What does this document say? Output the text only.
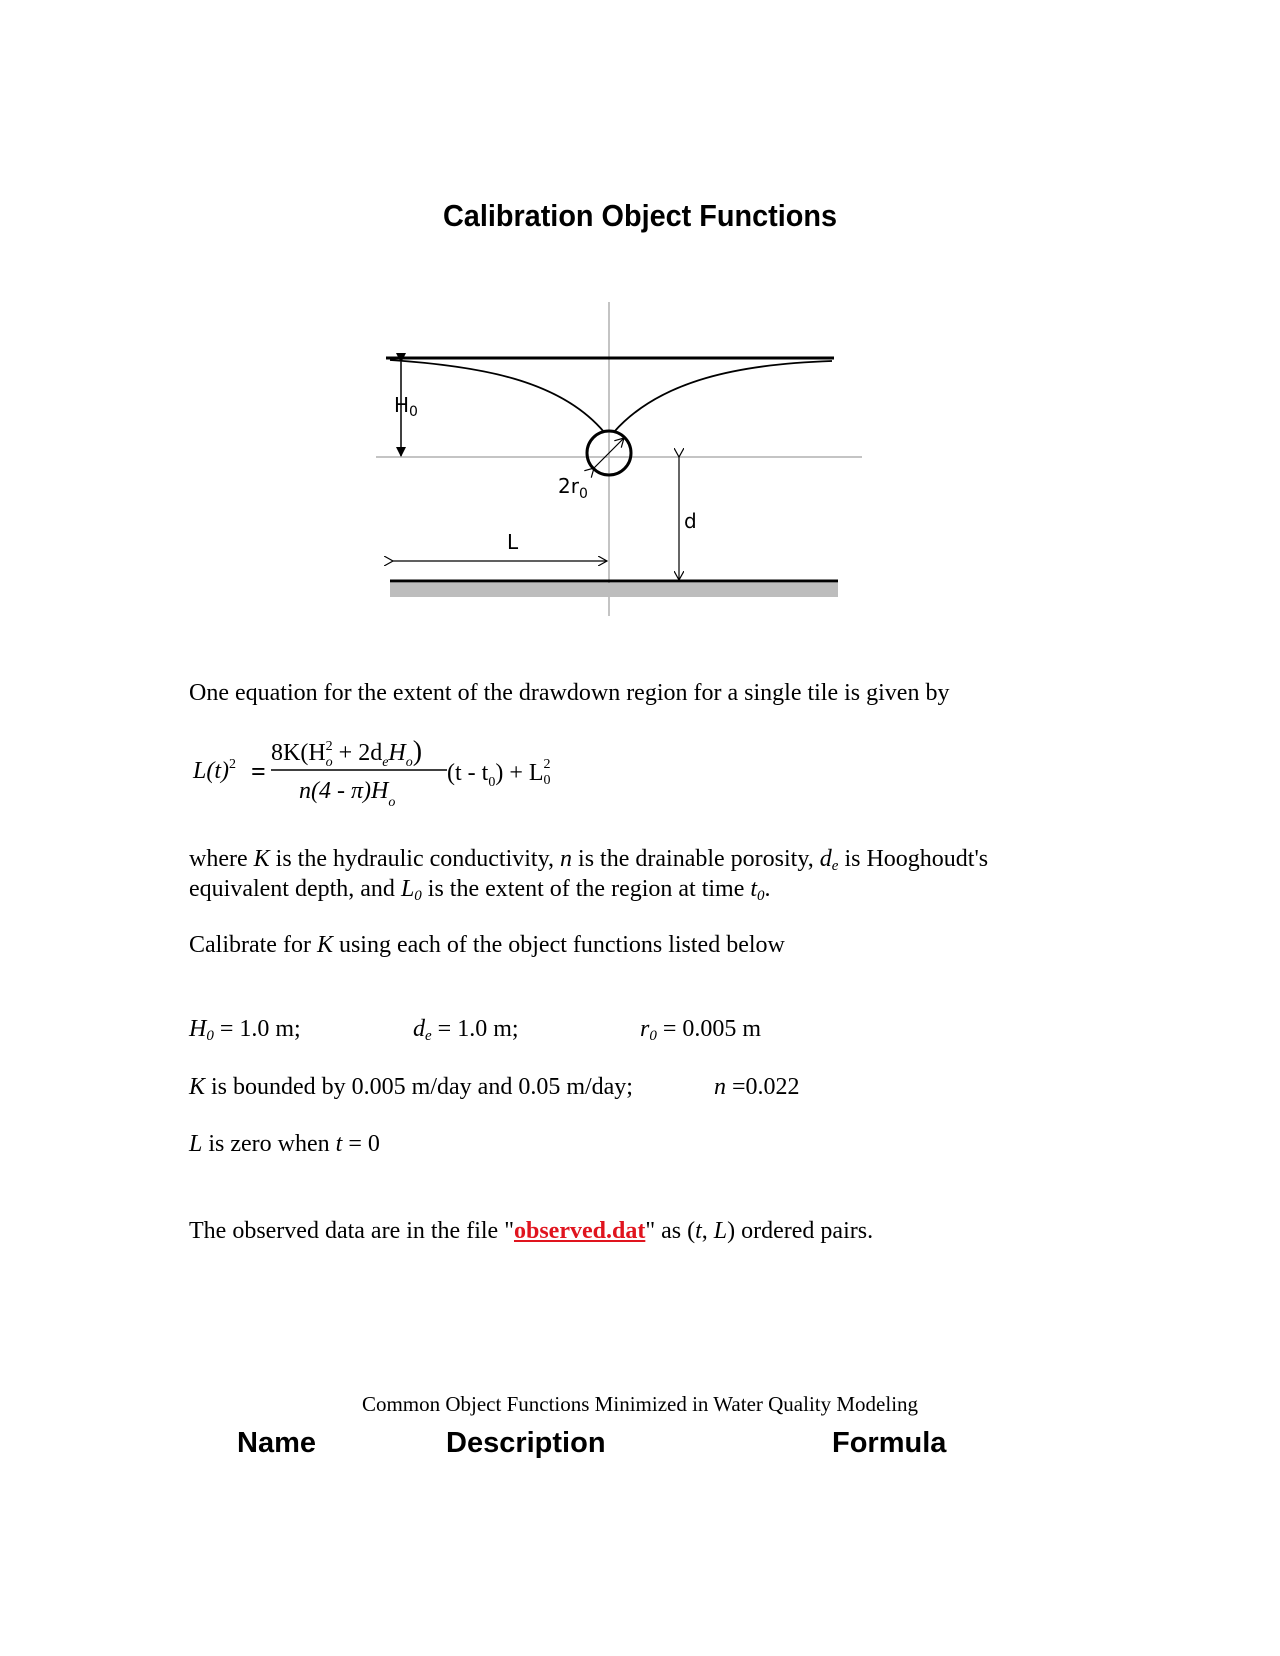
Calibration Object Functions
$H_0$
$2r_0$
d
L
One equation for the extent of the drawdown region for a single tile is given by
$L(t)^2$ =
$8K(H^2$ $o + 2d_eH_o$)
$(t - t_0) + L^2$ 0
$n(4 - \pi)H_o$
where K is the hydraulic conductivity, n is the drainable porosity, $d_e$ is Hooghoudt's
equivalent depth, and $L_0$ is the extent of the region at time $t_0$.
Calibrate for K using each of the object functions listed below
$H_0 = 1.0$ m;	$d_e = 1.0$ m;	$r_0 = 0.005$ m
K is bounded by 0.005 m/day and 0.05 m/day;	n =0.022
L is zero when t = 0
The observed data are in the file "observed.dat" as (t, L) ordered pairs.
Common Object Functions Minimized in Water Quality Modeling
Name	Description	Formula
